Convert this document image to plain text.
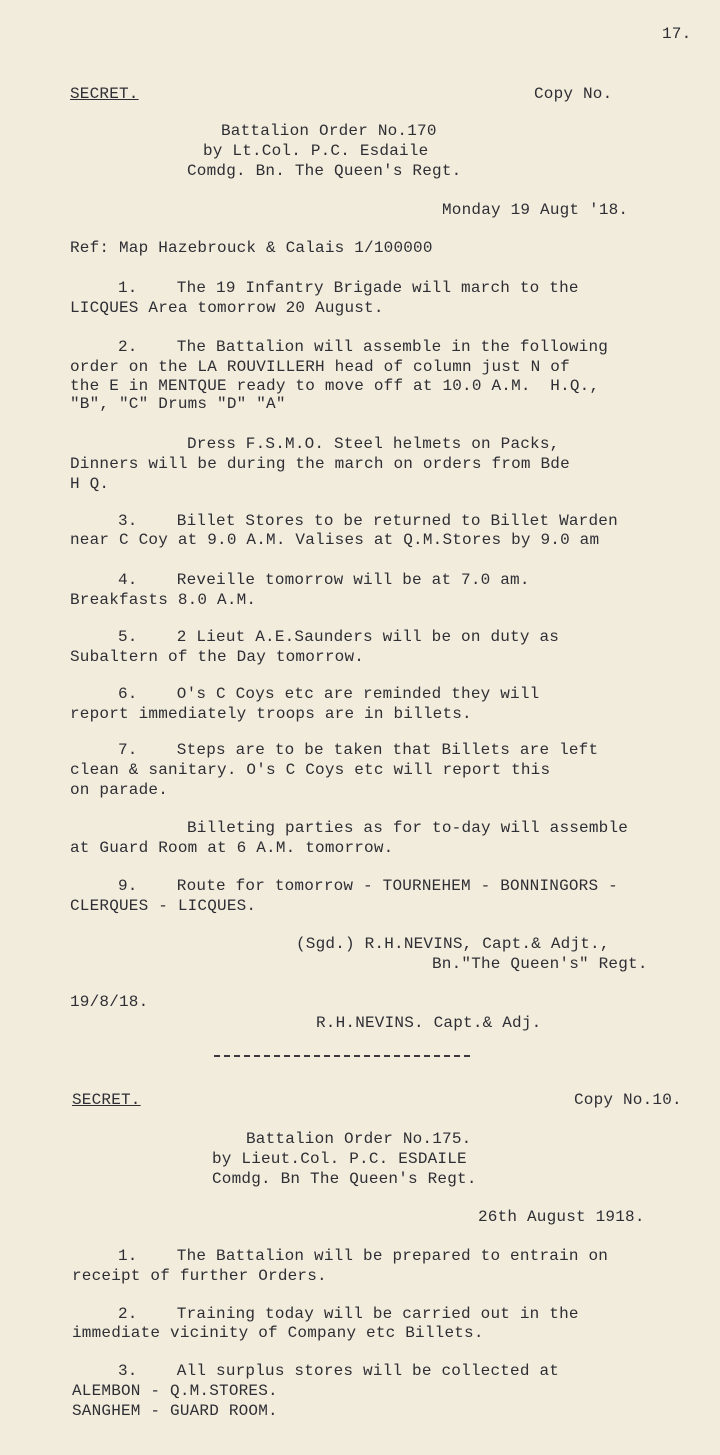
17.
SECRET.	Copy No.
Battalion Order No.170
by Lt.Col. P.C. Esdaile
Comdg. Bn. The Queen's Regt.
Monday 19 Augt '18.
Ref: Map Hazebrouck & Calais 1/100000
1.    The 19 Infantry Brigade will march to the
LICQUES Area tomorrow 20 August.
2.    The Battalion will assemble in the following
order on the LA ROUVILLERH head of column just N of
the E in MENTQUE ready to move off at 10.0 A.M.  H.Q.,
"B", "C" Drums "D" "A"
Dress F.S.M.O. Steel helmets on Packs,
Dinners will be during the march on orders from Bde
H Q.
3.    Billet Stores to be returned to Billet Warden
near C Coy at 9.0 A.M. Valises at Q.M.Stores by 9.0 am
4.    Reveille tomorrow will be at 7.0 am.
Breakfasts 8.0 A.M.
5.    2 Lieut A.E.Saunders will be on duty as
Subaltern of the Day tomorrow.
6.    O's C Coys etc are reminded they will
report immediately troops are in billets.
7.    Steps are to be taken that Billets are left
clean & sanitary. O's C Coys etc will report this
on parade.
Billeting parties as for to-day will assemble
at Guard Room at 6 A.M. tomorrow.
9.    Route for tomorrow - TOURNEHEM - BONNINGORS -
CLERQUES - LICQUES.
(Sgd.) R.H.NEVINS, Capt.& Adjt.,
Bn."The Queen's" Regt.
19/8/18.
R.H.NEVINS. Capt.& Adj.
SECRET.	Copy No.10.
Battalion Order No.175.
by Lieut.Col. P.C. ESDAILE
Comdg. Bn The Queen's Regt.
26th August 1918.
1.    The Battalion will be prepared to entrain on
receipt of further Orders.
2.    Training today will be carried out in the
immediate vicinity of Company etc Billets.
3.    All surplus stores will be collected at
ALEMBON - Q.M.STORES.
SANGHEM - GUARD ROOM.
